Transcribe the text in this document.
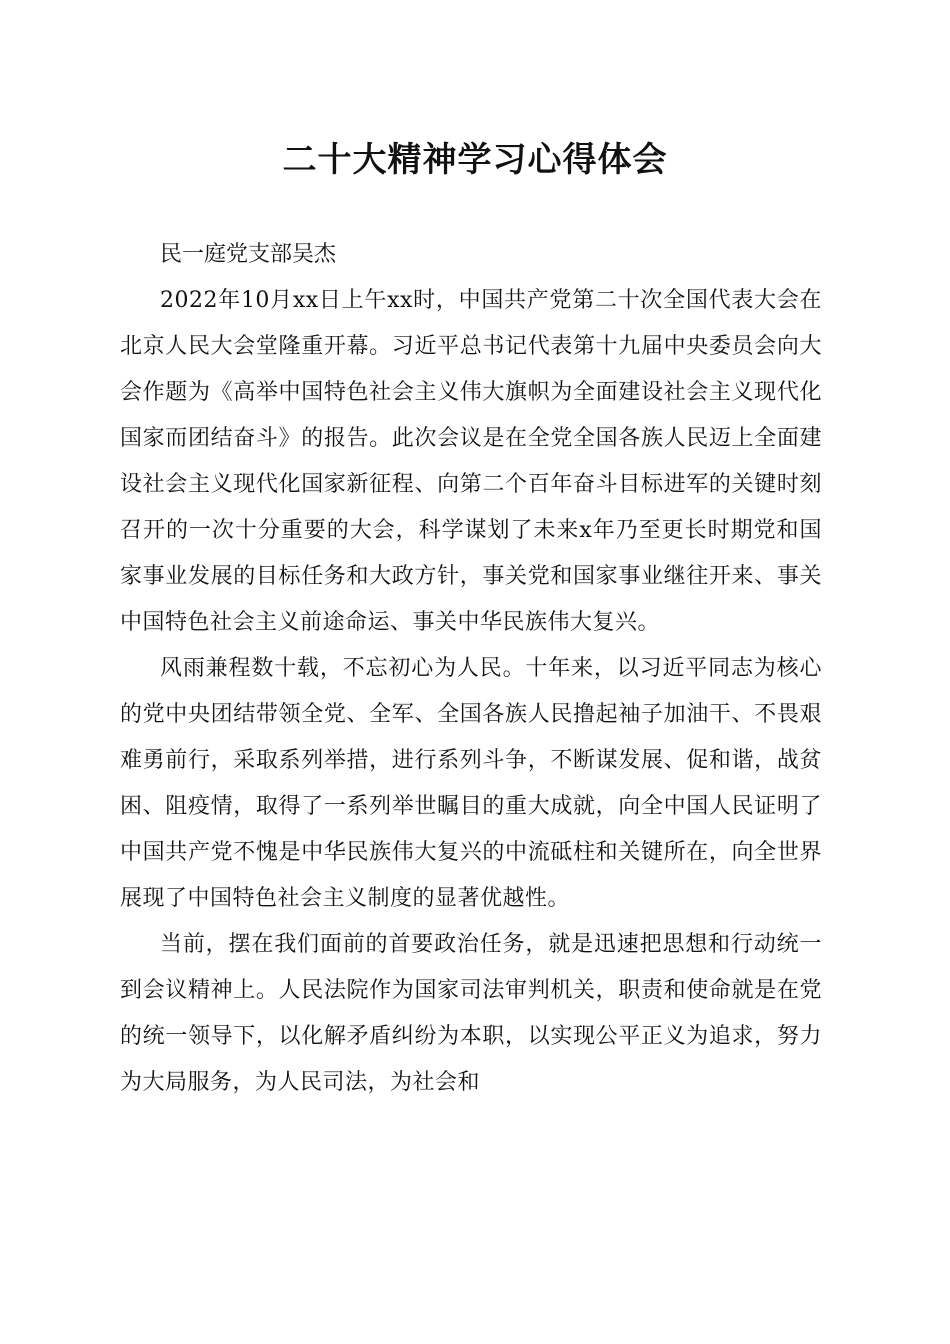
二十大精神学习心得体会

民一庭党支部吴杰

2022年10月xx日上午xx时，中国共产党第二十次全国代表大会在北京人民大会堂隆重开幕。习近平总书记代表第十九届中央委员会向大会作题为《高举中国特色社会主义伟大旗帜为全面建设社会主义现代化国家而团结奋斗》的报告。此次会议是在全党全国各族人民迈上全面建设社会主义现代化国家新征程、向第二个百年奋斗目标进军的关键时刻召开的一次十分重要的大会，科学谋划了未来x年乃至更长时期党和国家事业发展的目标任务和大政方针，事关党和国家事业继往开来、事关中国特色社会主义前途命运、事关中华民族伟大复兴。

风雨兼程数十载，不忘初心为人民。十年来，以习近平同志为核心的党中央团结带领全党、全军、全国各族人民撸起袖子加油干、不畏艰难勇前行，采取系列举措，进行系列斗争，不断谋发展、促和谐，战贫困、阻疫情，取得了一系列举世瞩目的重大成就，向全中国人民证明了中国共产党不愧是中华民族伟大复兴的中流砥柱和关键所在，向全世界展现了中国特色社会主义制度的显著优越性。

当前，摆在我们面前的首要政治任务，就是迅速把思想和行动统一到会议精神上。人民法院作为国家司法审判机关，职责和使命就是在党的统一领导下，以化解矛盾纠纷为本职，以实现公平正义为追求，努力为大局服务，为人民司法，为社会和
